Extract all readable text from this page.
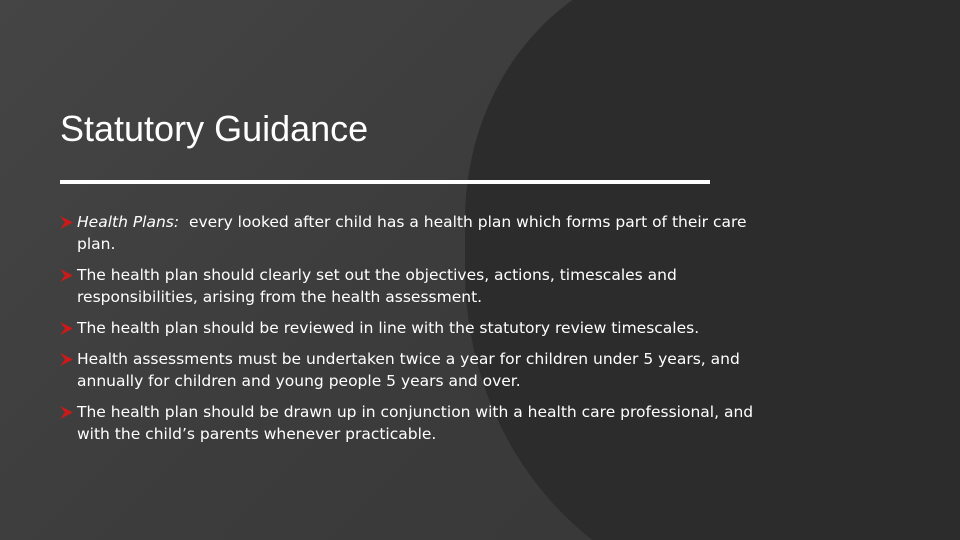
Statutory Guidance
Health Plans:  every looked after child has a health plan which forms part of their care plan.
The health plan should clearly set out the objectives, actions, timescales and responsibilities, arising from the health assessment.
The health plan should be reviewed in line with the statutory review timescales.
Health assessments must be undertaken twice a year for children under 5 years, and annually for children and young people 5 years and over.
The health plan should be drawn up in conjunction with a health care professional, and with the child’s parents whenever practicable.
